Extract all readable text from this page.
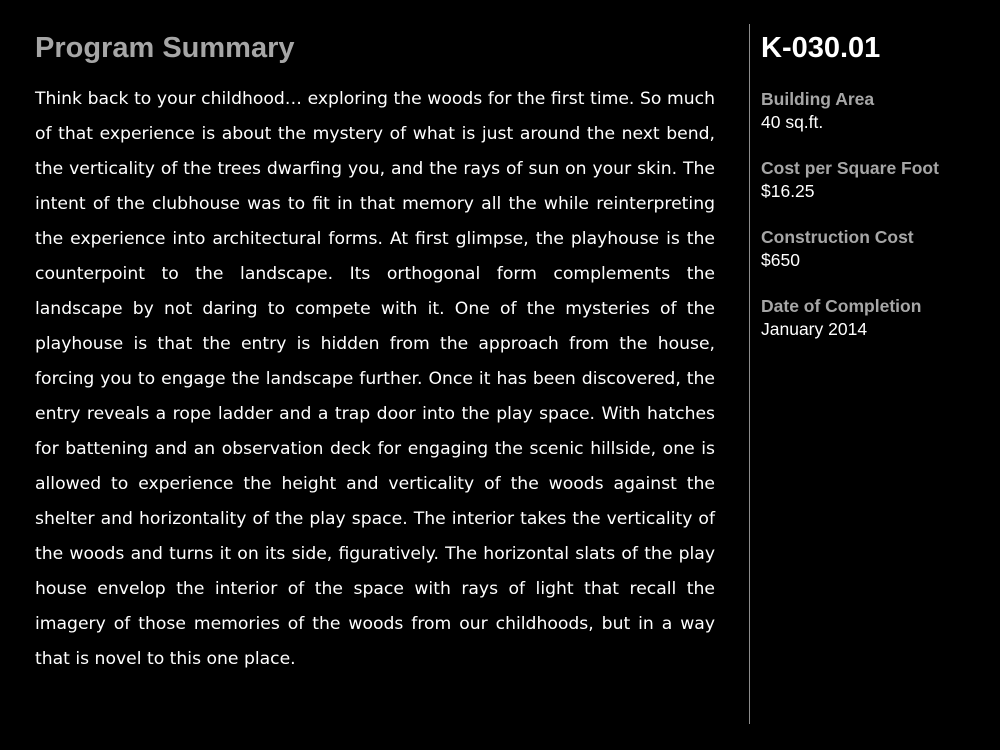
Program Summary

Think back to your childhood… exploring the woods for the first time. So much of that experience is about the mystery of what is just around the next bend, the verticality of the trees dwarfing you, and the rays of sun on your skin. The intent of the clubhouse was to fit in that memory all the while reinterpreting the experience into architectural forms. At first glimpse, the playhouse is the counterpoint to the landscape. Its orthogonal form complements the landscape by not daring to compete with it. One of the mysteries of the playhouse is that the entry is hidden from the approach from the house, forcing you to engage the landscape further. Once it has been discovered, the entry reveals a rope ladder and a trap door into the play space. With hatches for battening and an observation deck for engaging the scenic hillside, one is allowed to experience the height and verticality of the woods against the shelter and horizontality of the play space. The interior takes the verticality of the woods and turns it on its side, figuratively. The horizontal slats of the play house envelop the interior of the space with rays of light that recall the imagery of those memories of the woods from our childhoods, but in a way that is novel to this one place.

K-030.01
Building Area
40 sq.ft.
Cost per Square Foot
$16.25
Construction Cost
$650
Date of Completion
January 2014
